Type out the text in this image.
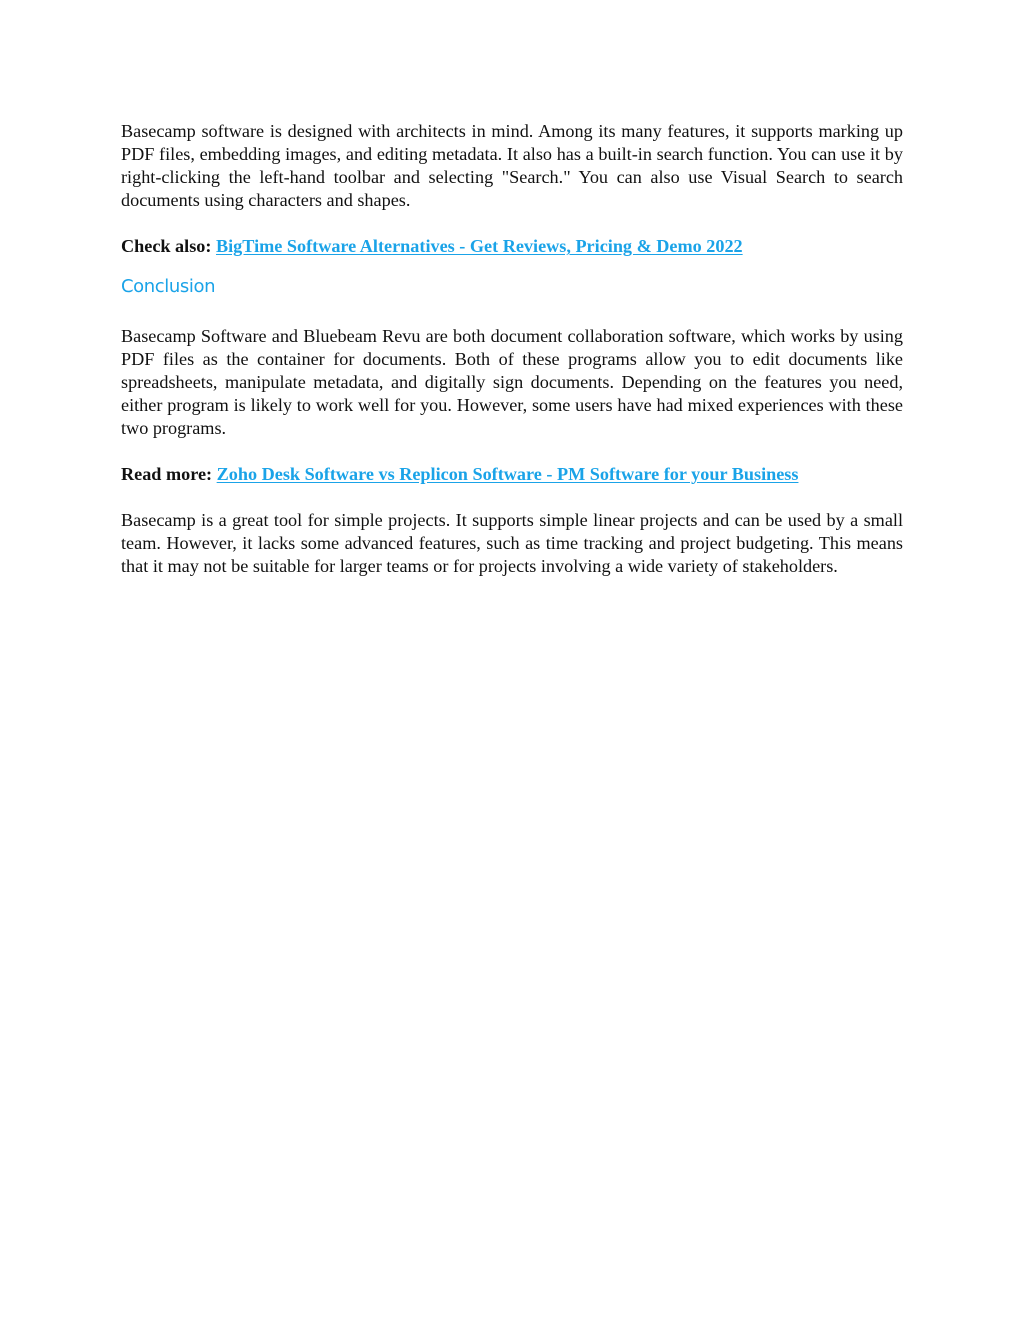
Basecamp software is designed with architects in mind. Among its many features, it supports marking up PDF files, embedding images, and editing metadata. It also has a built-in search function. You can use it by right-clicking the left-hand toolbar and selecting "Search." You can also use Visual Search to search documents using characters and shapes.

Check also: BigTime Software Alternatives - Get Reviews, Pricing & Demo 2022

Conclusion

Basecamp Software and Bluebeam Revu are both document collaboration software, which works by using PDF files as the container for documents. Both of these programs allow you to edit documents like spreadsheets, manipulate metadata, and digitally sign documents. Depending on the features you need, either program is likely to work well for you. However, some users have had mixed experiences with these two programs.

Read more: Zoho Desk Software vs Replicon Software - PM Software for your Business

Basecamp is a great tool for simple projects. It supports simple linear projects and can be used by a small team. However, it lacks some advanced features, such as time tracking and project budgeting. This means that it may not be suitable for larger teams or for projects involving a wide variety of stakeholders.
